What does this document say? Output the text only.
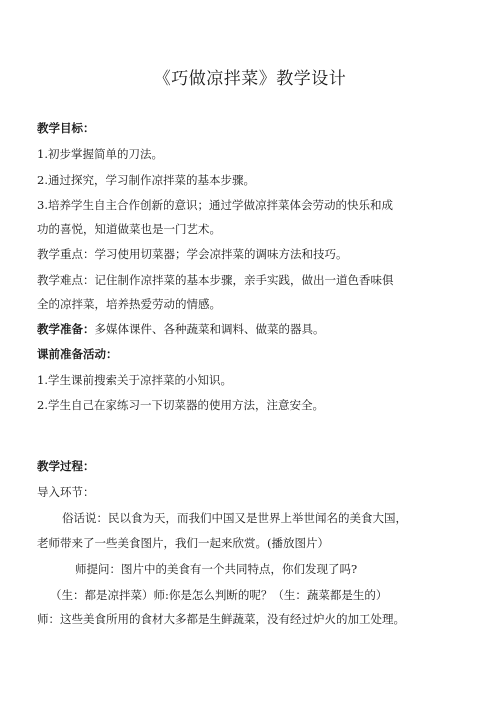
《巧做凉拌菜》教学设计
教学目标：
1.初步掌握简单的刀法。
2.通过探究，学习制作凉拌菜的基本步骤。
3.培养学生自主合作创新的意识；通过学做凉拌菜体会劳动的快乐和成
功的喜悦，知道做菜也是一门艺术。
教学重点：学习使用切菜器；学会凉拌菜的调味方法和技巧。
教学难点：记住制作凉拌菜的基本步骤，亲手实践，做出一道色香味俱
全的凉拌菜，培养热爱劳动的情感。
教学准备：多媒体课件、各种蔬菜和调料、做菜的器具。
课前准备活动：
1.学生课前搜索关于凉拌菜的小知识。
2.学生自己在家练习一下切菜器的使用方法，注意安全。
教学过程：
导入环节：
俗话说：民以食为天，而我们中国又是世界上举世闻名的美食大国，
老师带来了一些美食图片，我们一起来欣赏。(播放图片）
师提问：图片中的美食有一个共同特点，你们发现了吗?
（生：都是凉拌菜）师:你是怎么判断的呢？（生：蔬菜都是生的）
师：这些美食所用的食材大多都是生鲜蔬菜，没有经过炉火的加工处理。
